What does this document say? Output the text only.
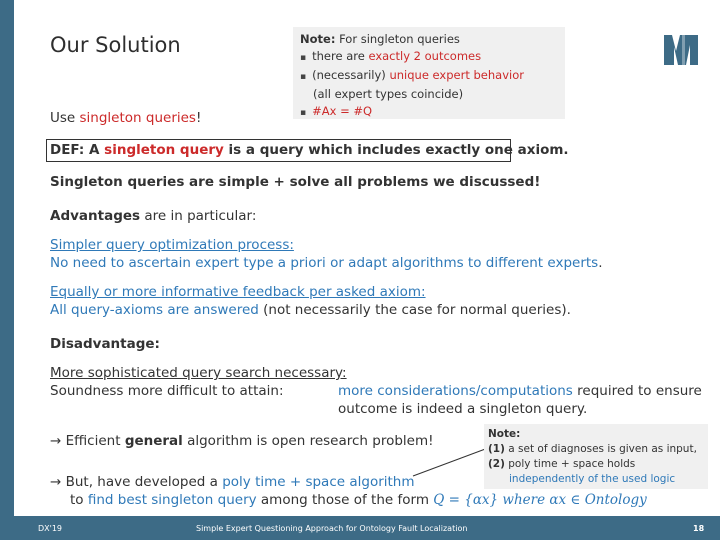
Our Solution	Note: For singleton queries
▪ there are exactly 2 outcomes
▪ (necessarily) unique expert behavior
(all expert types coincide)
▪ #Ax = #Q
Use singleton queries!
DEF: A singleton query is a query which includes exactly one axiom.
Singleton queries are simple + solve all problems we discussed!
Advantages are in particular:
Simpler query optimization process:
No need to ascertain expert type a priori or adapt algorithms to different experts.
Equally or more informative feedback per asked axiom:
All query-axioms are answered (not necessarily the case for normal queries).
Disadvantage:
More sophisticated query search necessary:
Soundness more difficult to attain:	more considerations/computations required to ensure
outcome is indeed a singleton query.
→ Efficient general algorithm is open research problem!
→ But, have developed a poly time + space algorithm
to find best singleton query among those of the form Q = {αx} where αx ∈ Ontology
Note:
(1) a set of diagnoses is given as input,
(2) poly time + space holds
independently of the used logic
DX'19	Simple Expert Questioning Approach for Ontology Fault Localization	18
